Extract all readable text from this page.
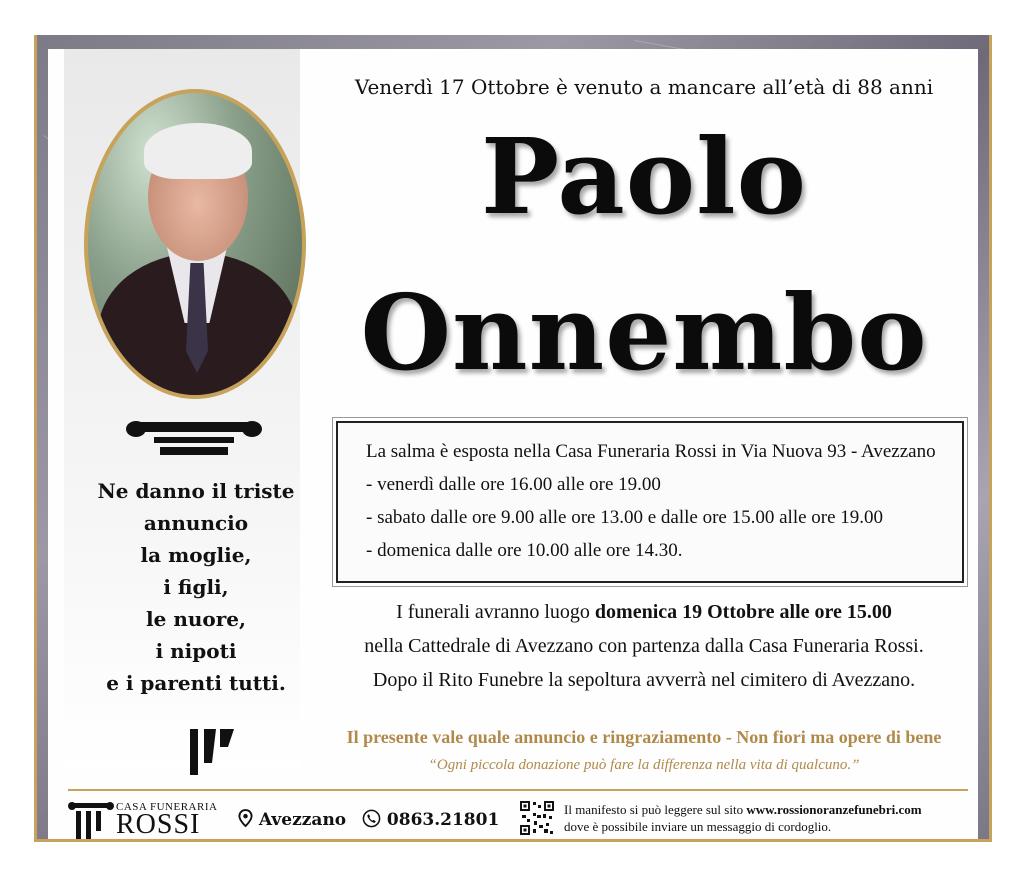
Ne danno il triste
annuncio
la moglie,
i figli,
le nuore,
i nipoti
e i parenti tutti.
Venerdì 17 Ottobre è venuto a mancare all’età di 88 anni
Paolo
Onnembo
La salma è esposta nella Casa Funeraria Rossi in Via Nuova 93 - Avezzano
- venerdì dalle ore 16.00 alle ore 19.00
- sabato dalle ore 9.00 alle ore 13.00 e dalle ore 15.00 alle ore 19.00
- domenica dalle ore 10.00 alle ore 14.30.
I funerali avranno luogo domenica 19 Ottobre alle ore 15.00
nella Cattedrale di Avezzano con partenza dalla Casa Funeraria Rossi.
Dopo il Rito Funebre la sepoltura avverrà nel cimitero di Avezzano.
Il presente vale quale annuncio e ringraziamento - Non fiori ma opere di bene
“Ogni piccola donazione può fare la differenza nella vita di qualcuno.”
CASA FUNERARIA
ROSSI	Avezzano	0863.21801
Il manifesto si può leggere sul sito www.rossionoranzefunebri.com
dove è possibile inviare un messaggio di cordoglio.
